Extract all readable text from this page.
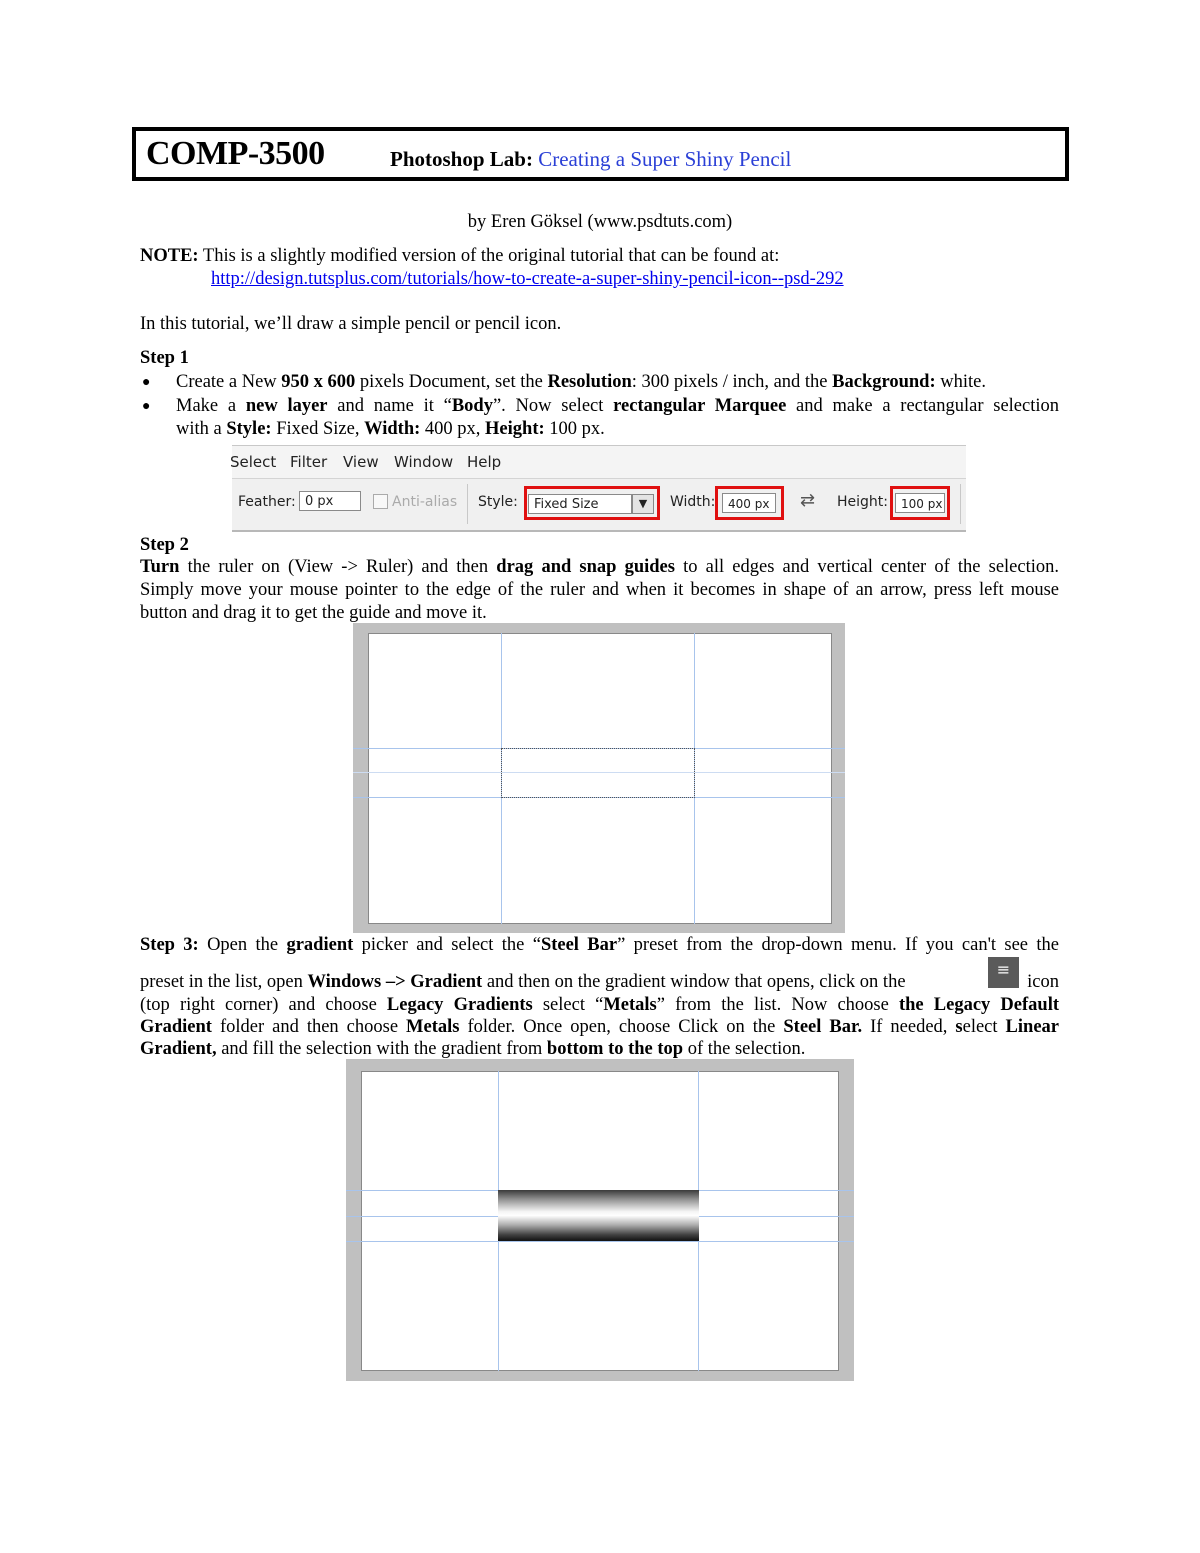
COMP-3500	Photoshop Lab: Creating a Super Shiny Pencil
by Eren Göksel (www.psdtuts.com)
NOTE: This is a slightly modified version of the original tutorial that can be found at:
http://design.tutsplus.com/tutorials/how-to-create-a-super-shiny-pencil-icon--psd-292
In this tutorial, we’ll draw a simple pencil or pencil icon.
Step 1
● Create a New 950 x 600 pixels Document, set the Resolution: 300 pixels / inch, and the Background: white.
● Make a new layer and name it “Body”. Now select rectangular Marquee and make a rectangular selection
with a Style: Fixed Size, Width: 400 px, Height: 100 px.
Select Filter View Window Help
Feather: 0 px	Anti-alias Style:	Fixed Size	▼	Width:	400 px	⇄ Height:	100 px
Step 2
Turn the ruler on (View -> Ruler) and then drag and snap guides to all edges and vertical center of the selection.
Simply move your mouse pointer to the edge of the ruler and when it becomes in shape of an arrow, press left mouse
button and drag it to get the guide and move it.
Step 3: Open the gradient picker and select the “Steel Bar” preset from the drop-down menu. If you can't see the
preset in the list, open Windows –> Gradient and then on the gradient window that opens, click on the
≡
icon
(top right corner) and choose Legacy Gradients select “Metals” from the list. Now choose the Legacy Default
Gradient folder and then choose Metals folder. Once open, choose Click on the Steel Bar. If needed, select Linear
Gradient, and fill the selection with the gradient from bottom to the top of the selection.
